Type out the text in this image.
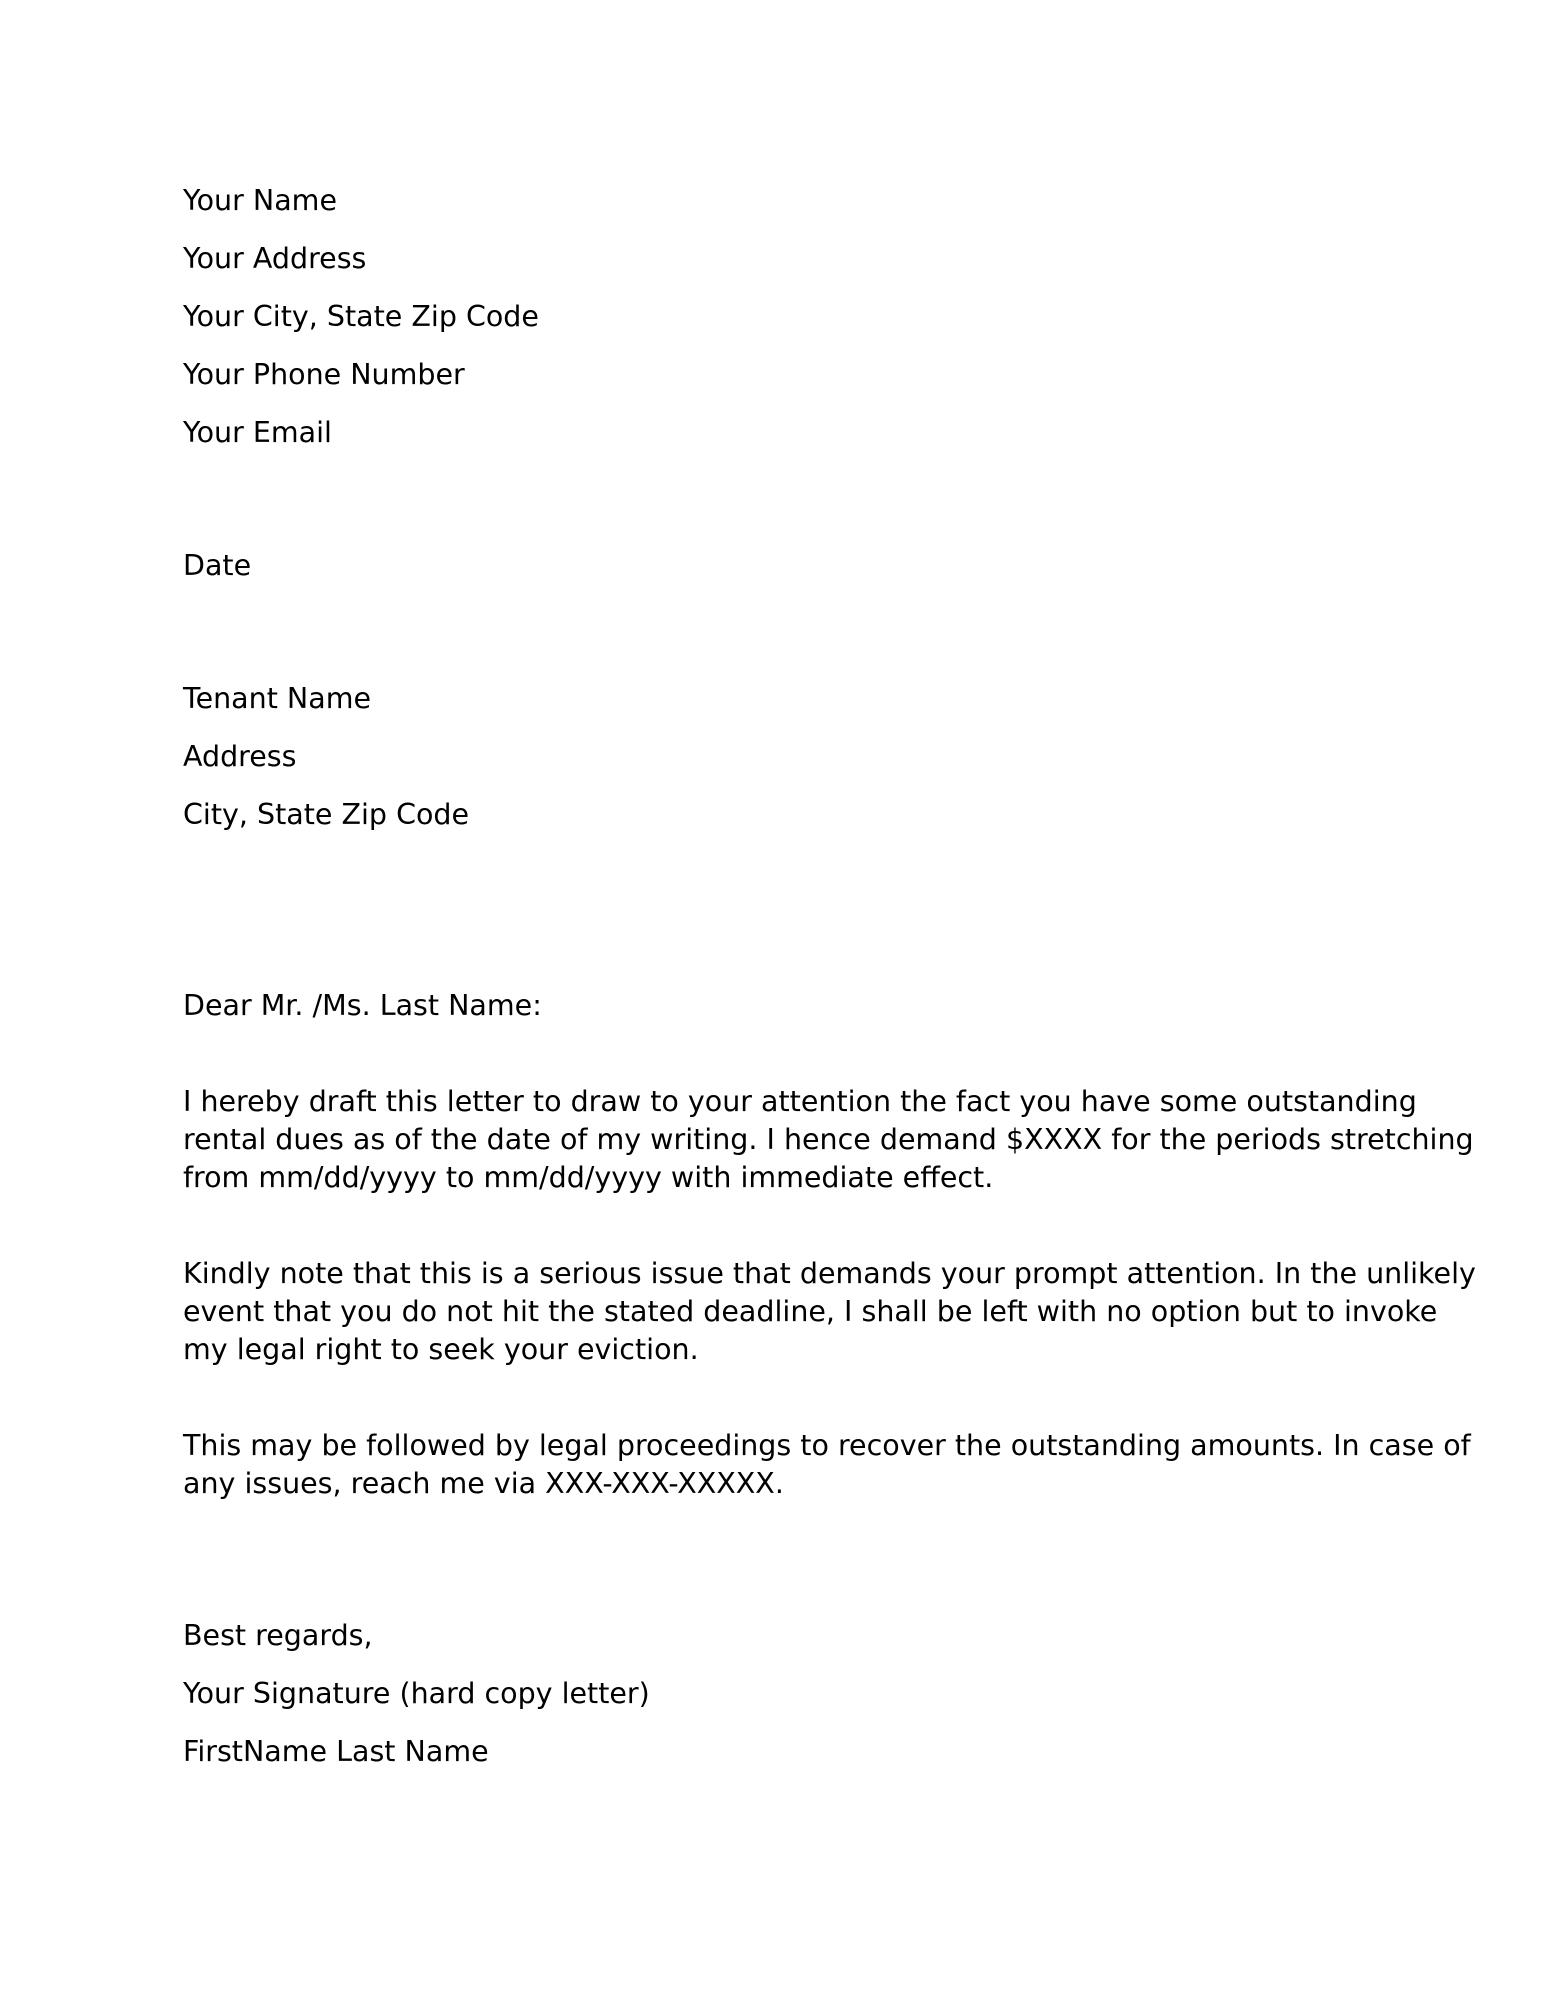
Your Name
Your Address
Your City, State Zip Code
Your Phone Number
Your Email
Date
Tenant Name
Address
City, State Zip Code
Dear Mr. /Ms. Last Name:
I hereby draft this letter to draw to your attention the fact you have some outstanding
rental dues as of the date of my writing. I hence demand $XXXX for the periods stretching
from mm/dd/yyyy to mm/dd/yyyy with immediate effect.
Kindly note that this is a serious issue that demands your prompt attention. In the unlikely
event that you do not hit the stated deadline, I shall be left with no option but to invoke
my legal right to seek your eviction.
This may be followed by legal proceedings to recover the outstanding amounts. In case of
any issues, reach me via XXX-XXX-XXXXX.
Best regards,
Your Signature (hard copy letter)
FirstName Last Name
